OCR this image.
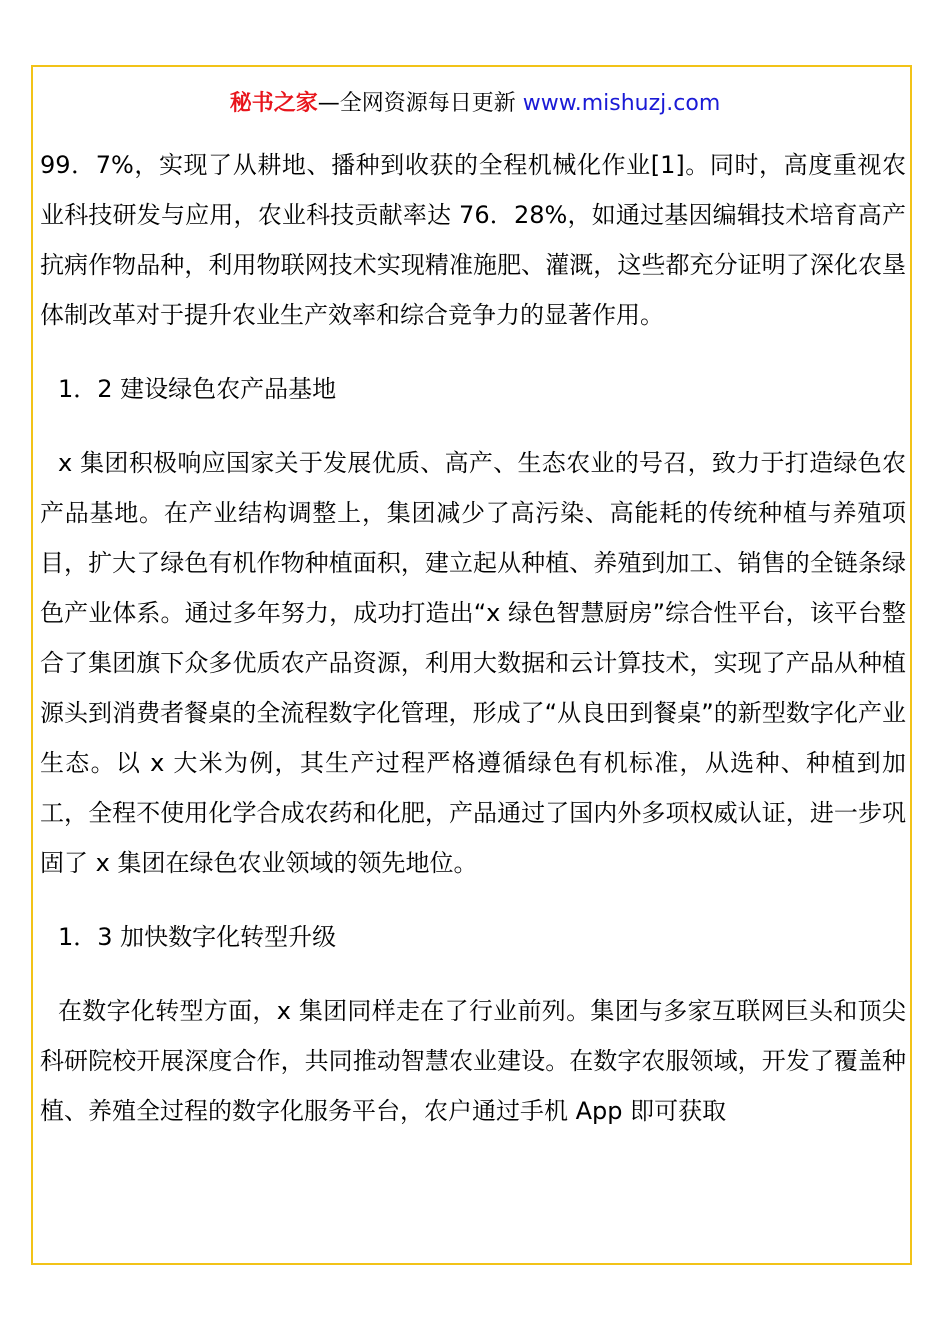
秘书之家—全网资源每日更新 www.mishuzj.com

99．7%，实现了从耕地、播种到收获的全程机械化作业[1]。同时，高度重视农业科技研发与应用，农业科技贡献率达 76．28%，如通过基因编辑技术培育高产抗病作物品种，利用物联网技术实现精准施肥、灌溉，这些都充分证明了深化农垦体制改革对于提升农业生产效率和综合竞争力的显著作用。

1．2 建设绿色农产品基地

x 集团积极响应国家关于发展优质、高产、生态农业的号召，致力于打造绿色农产品基地。在产业结构调整上，集团减少了高污染、高能耗的传统种植与养殖项目，扩大了绿色有机作物种植面积，建立起从种植、养殖到加工、销售的全链条绿色产业体系。通过多年努力，成功打造出“x 绿色智慧厨房”综合性平台，该平台整合了集团旗下众多优质农产品资源，利用大数据和云计算技术，实现了产品从种植源头到消费者餐桌的全流程数字化管理，形成了“从良田到餐桌”的新型数字化产业生态。以 x 大米为例，其生产过程严格遵循绿色有机标准，从选种、种植到加工，全程不使用化学合成农药和化肥，产品通过了国内外多项权威认证，进一步巩固了 x 集团在绿色农业领域的领先地位。

1．3 加快数字化转型升级

在数字化转型方面，x 集团同样走在了行业前列。集团与多家互联网巨头和顶尖科研院校开展深度合作，共同推动智慧农业建设。在数字农服领域，开发了覆盖种植、养殖全过程的数字化服务平台，农户通过手机 App 即可获取
